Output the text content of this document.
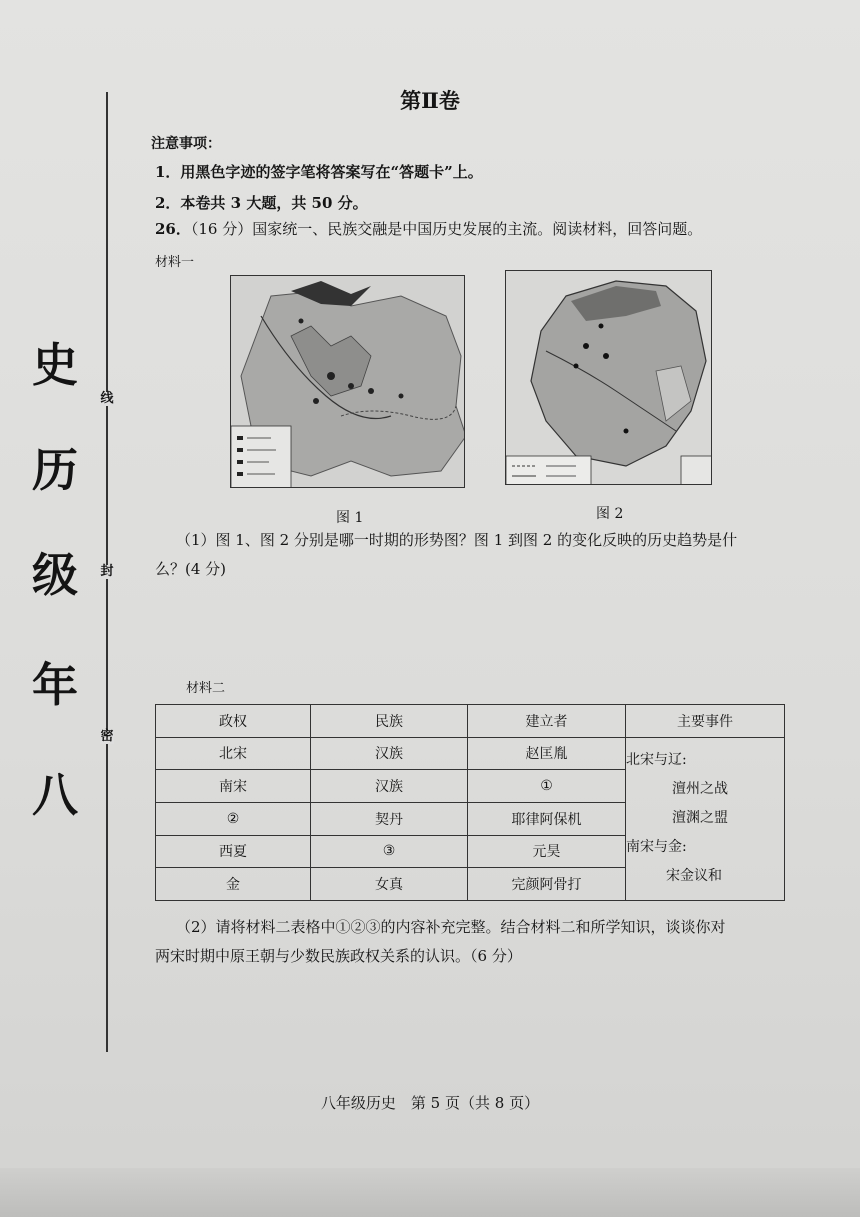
线
封
密
八
年
级
历
史
第Ⅱ卷
注意事项：
1．用黑色字迹的签字笔将答案写在“答题卡”上。
2．本卷共 3 大题，共 50 分。
26．（16 分）国家统一、民族交融是中国历史发展的主流。阅读材料，回答问题。
材料一
图 1	图 2
（1）图 1、图 2 分别是哪一时期的形势图？图 1 到图 2 的变化反映的历史趋势是什
么？(4 分)
材料二
政权	民族	建立者	主要事件
北宋	汉族	赵匡胤	北宋与辽:
澶州之战
澶渊之盟
南宋与金:
宋金议和

南宋	汉族	①	
②	契丹	耶律阿保机	
西夏	③	元昊	
金	女真	完颜阿骨打	
（2）请将材料二表格中①②③的内容补充完整。结合材料二和所学知识，谈谈你对
两宋时期中原王朝与少数民族政权关系的认识。（6 分）
八年级历史　第 5 页（共 8 页）
